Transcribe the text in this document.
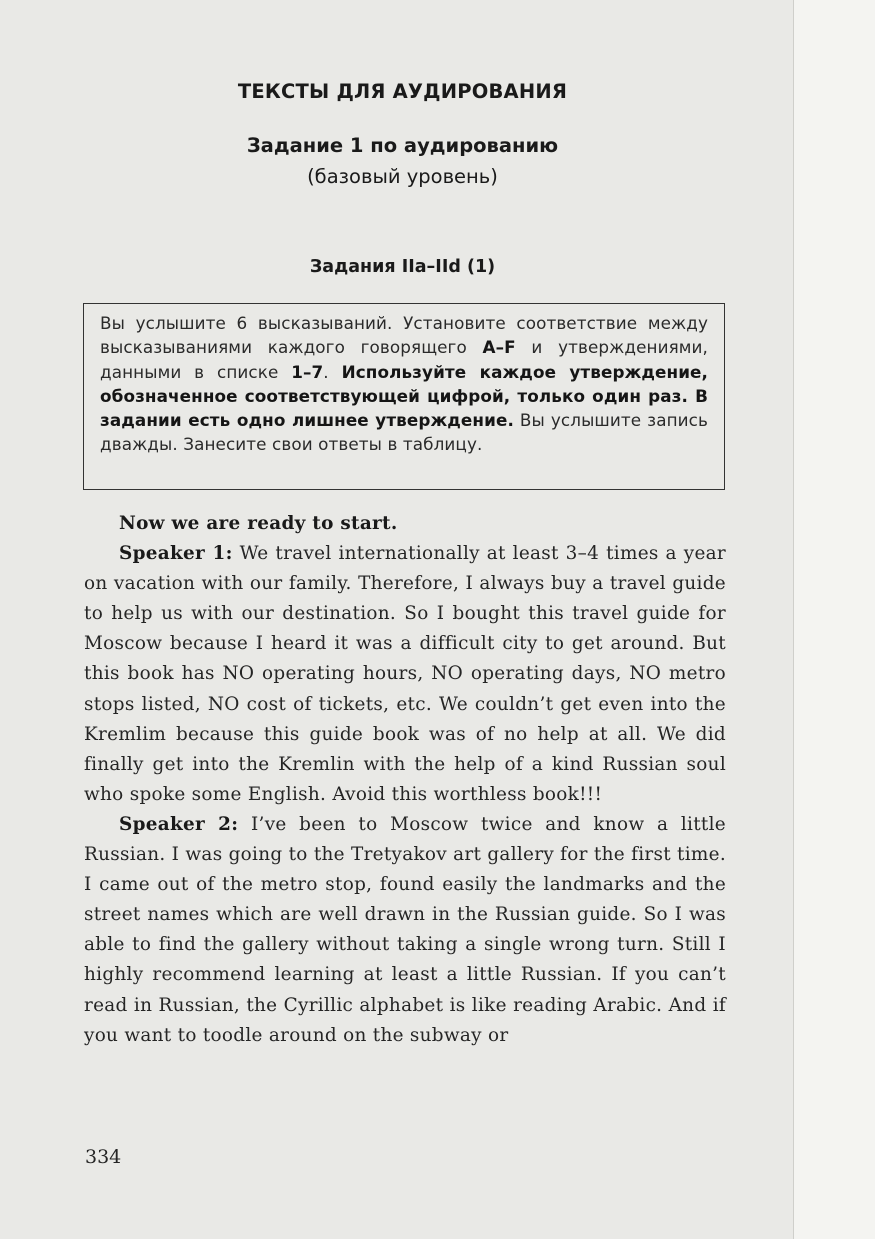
ТЕКСТЫ ДЛЯ АУДИРОВАНИЯ
Задание 1 по аудированию
(базовый уровень)
Задания IIa–IId (1)
Вы услышите 6 высказываний. Установите соответствие между высказываниями каждого говорящего A–F и утверждениями, данными в списке 1–7. Используйте каждое утверждение, обозначенное соответствующей цифрой, только один раз. В задании есть одно лишнее утверждение. Вы услышите запись дважды. Занесите свои ответы в таблицу.

Now we are ready to start.

Speaker 1: We travel internationally at least 3–4 times a year on vacation with our family. Therefore, I always buy a travel guide to help us with our destination. So I bought this travel guide for Moscow because I heard it was a difficult city to get around. But this book has NO operating hours, NO operating days, NO metro stops listed, NO cost of tickets, etc. We couldn’t get even into the Kremlim because this guide book was of no help at all. We did finally get into the Kremlin with the help of a kind Russian soul who spoke some English. Avoid this worthless book!!!

Speaker 2: I’ve been to Moscow twice and know a little Russian. I was going to the Tretyakov art gallery for the first time. I came out of the metro stop, found easily the landmarks and the street names which are well drawn in the Russian guide. So I was able to find the gallery without taking a single wrong turn. Still I highly recommend learning at least a little Russian. If you can’t read in Russian, the Cyrillic alphabet is like reading Arabic. And if you want to toodle around on the subway or

334
